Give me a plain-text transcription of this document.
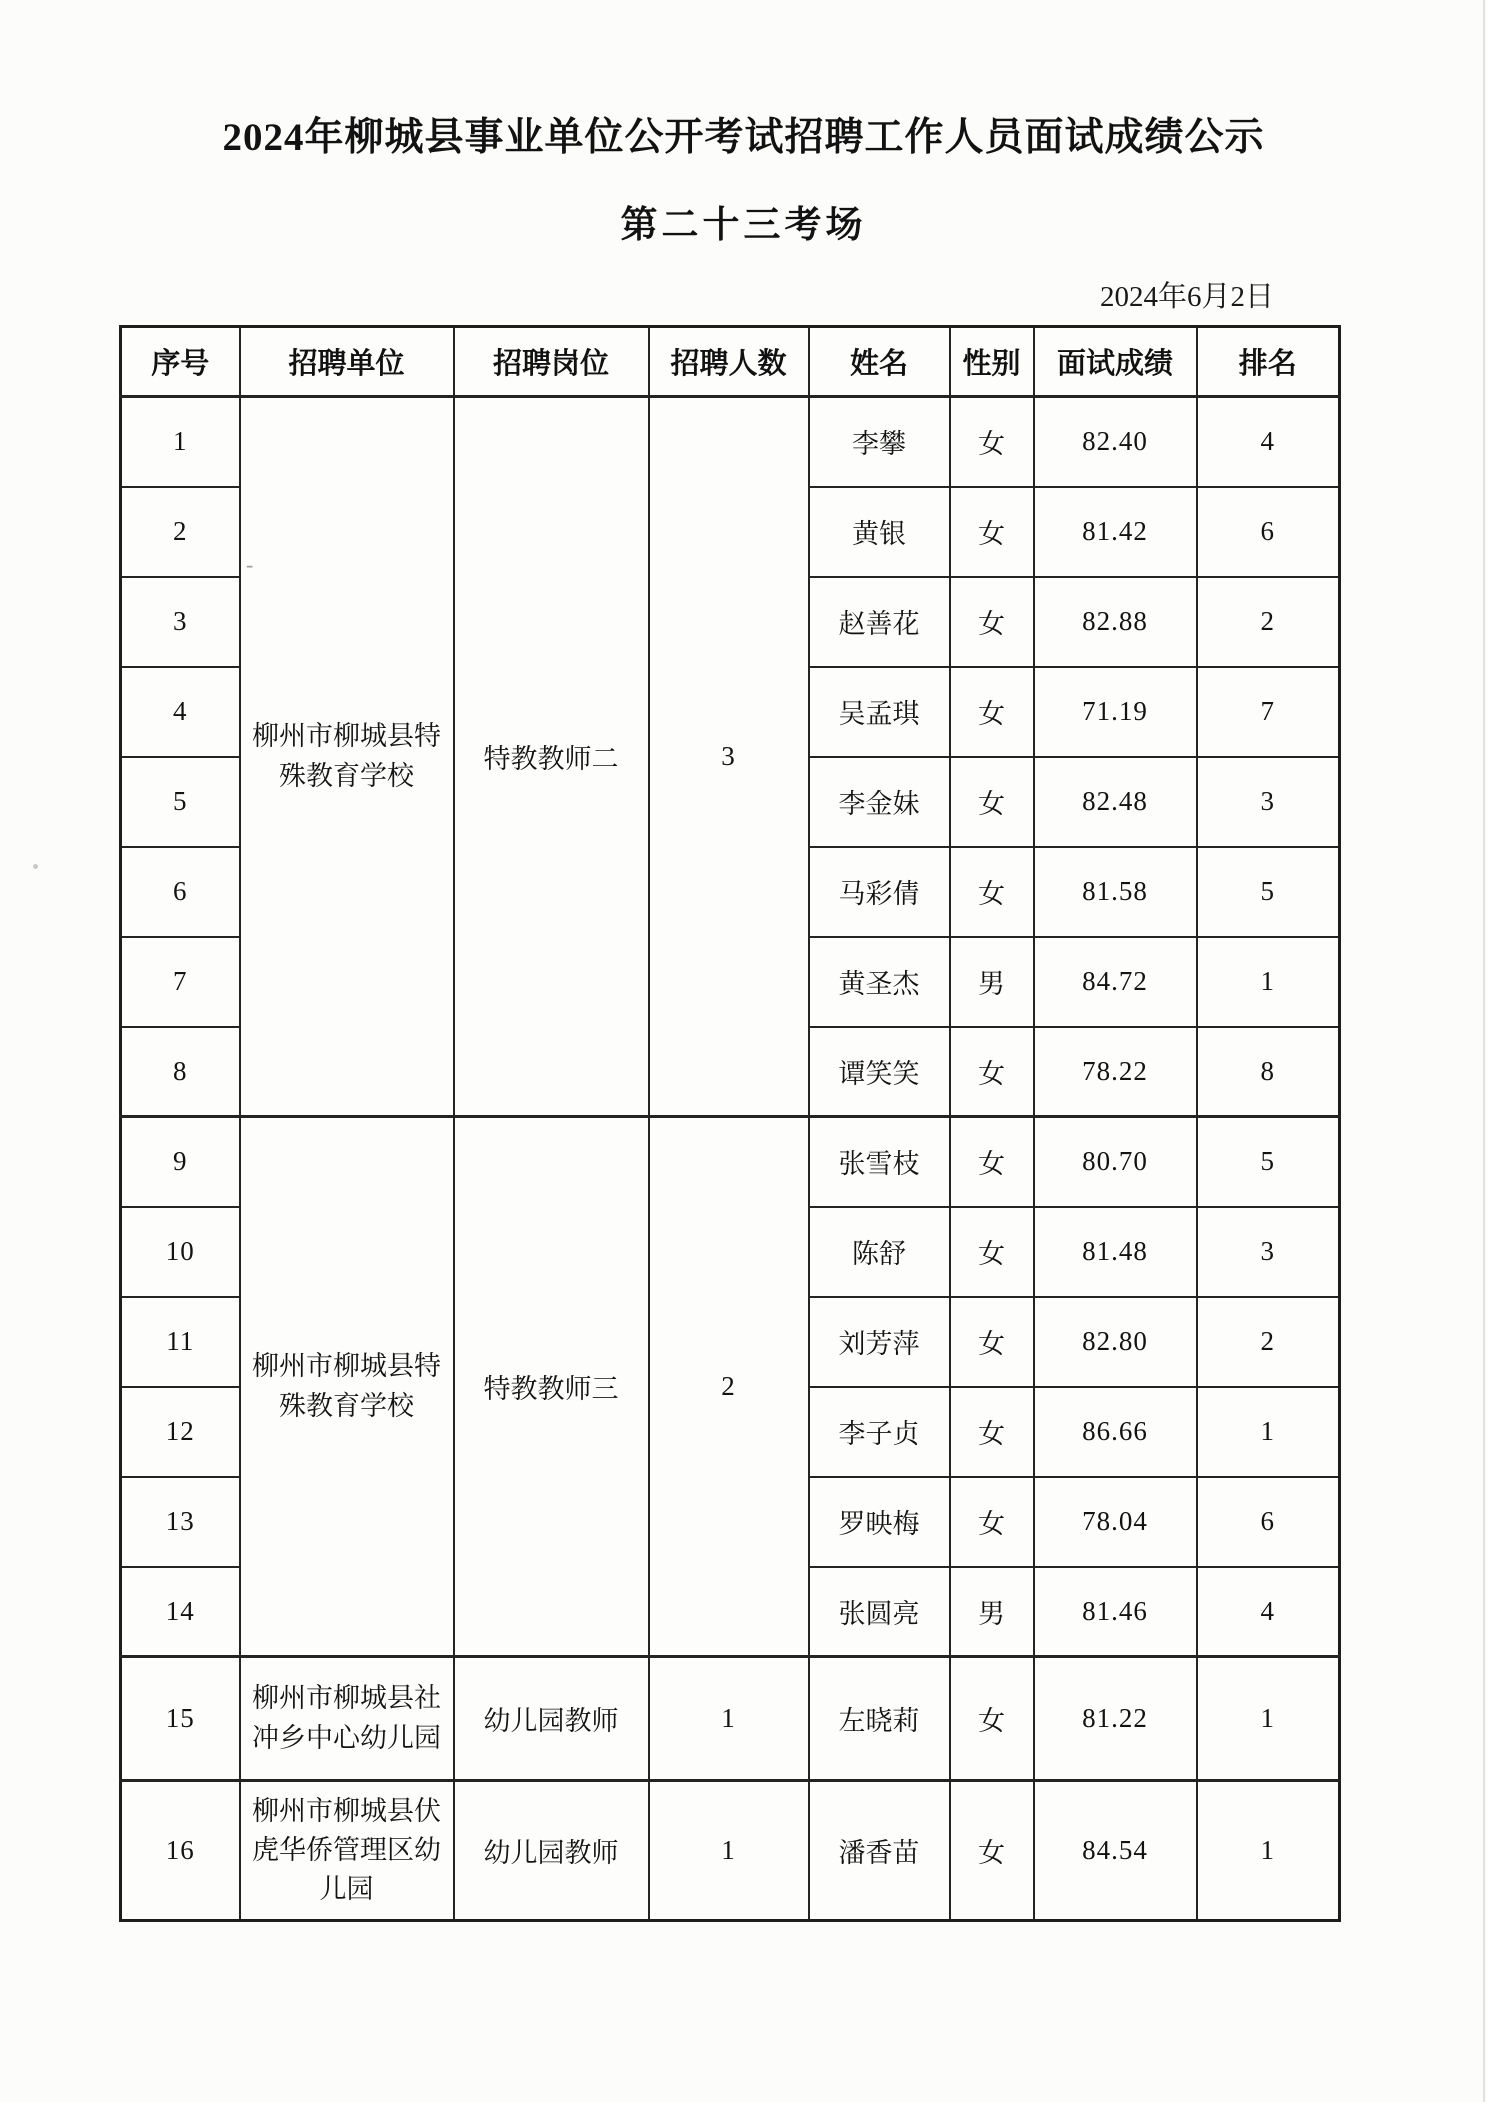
2024年柳城县事业单位公开考试招聘工作人员面试成绩公示
第二十三考场
2024年6月2日
序号	招聘单位	招聘岗位	招聘人数	姓名	性别	面试成绩	排名
1	柳州市柳城县特殊教育学校	特教教师二	3	李攀	女	82.40	4
2				黄银	女	81.42	6
3				赵善花	女	82.88	2
4				吴孟琪	女	71.19	7
5				李金妹	女	82.48	3
6				马彩倩	女	81.58	5
7				黄圣杰	男	84.72	1
8				谭笑笑	女	78.22	8
9	柳州市柳城县特殊教育学校	特教教师三	2	张雪枝	女	80.70	5
10				陈舒	女	81.48	3
11				刘芳萍	女	82.80	2
12				李子贞	女	86.66	1
13				罗映梅	女	78.04	6
14				张圆亮	男	81.46	4
15	柳州市柳城县社冲乡中心幼儿园	幼儿园教师	1	左晓莉	女	81.22	1
16	柳州市柳城县伏虎华侨管理区幼儿园	幼儿园教师	1	潘香苗	女	84.54	1
-
